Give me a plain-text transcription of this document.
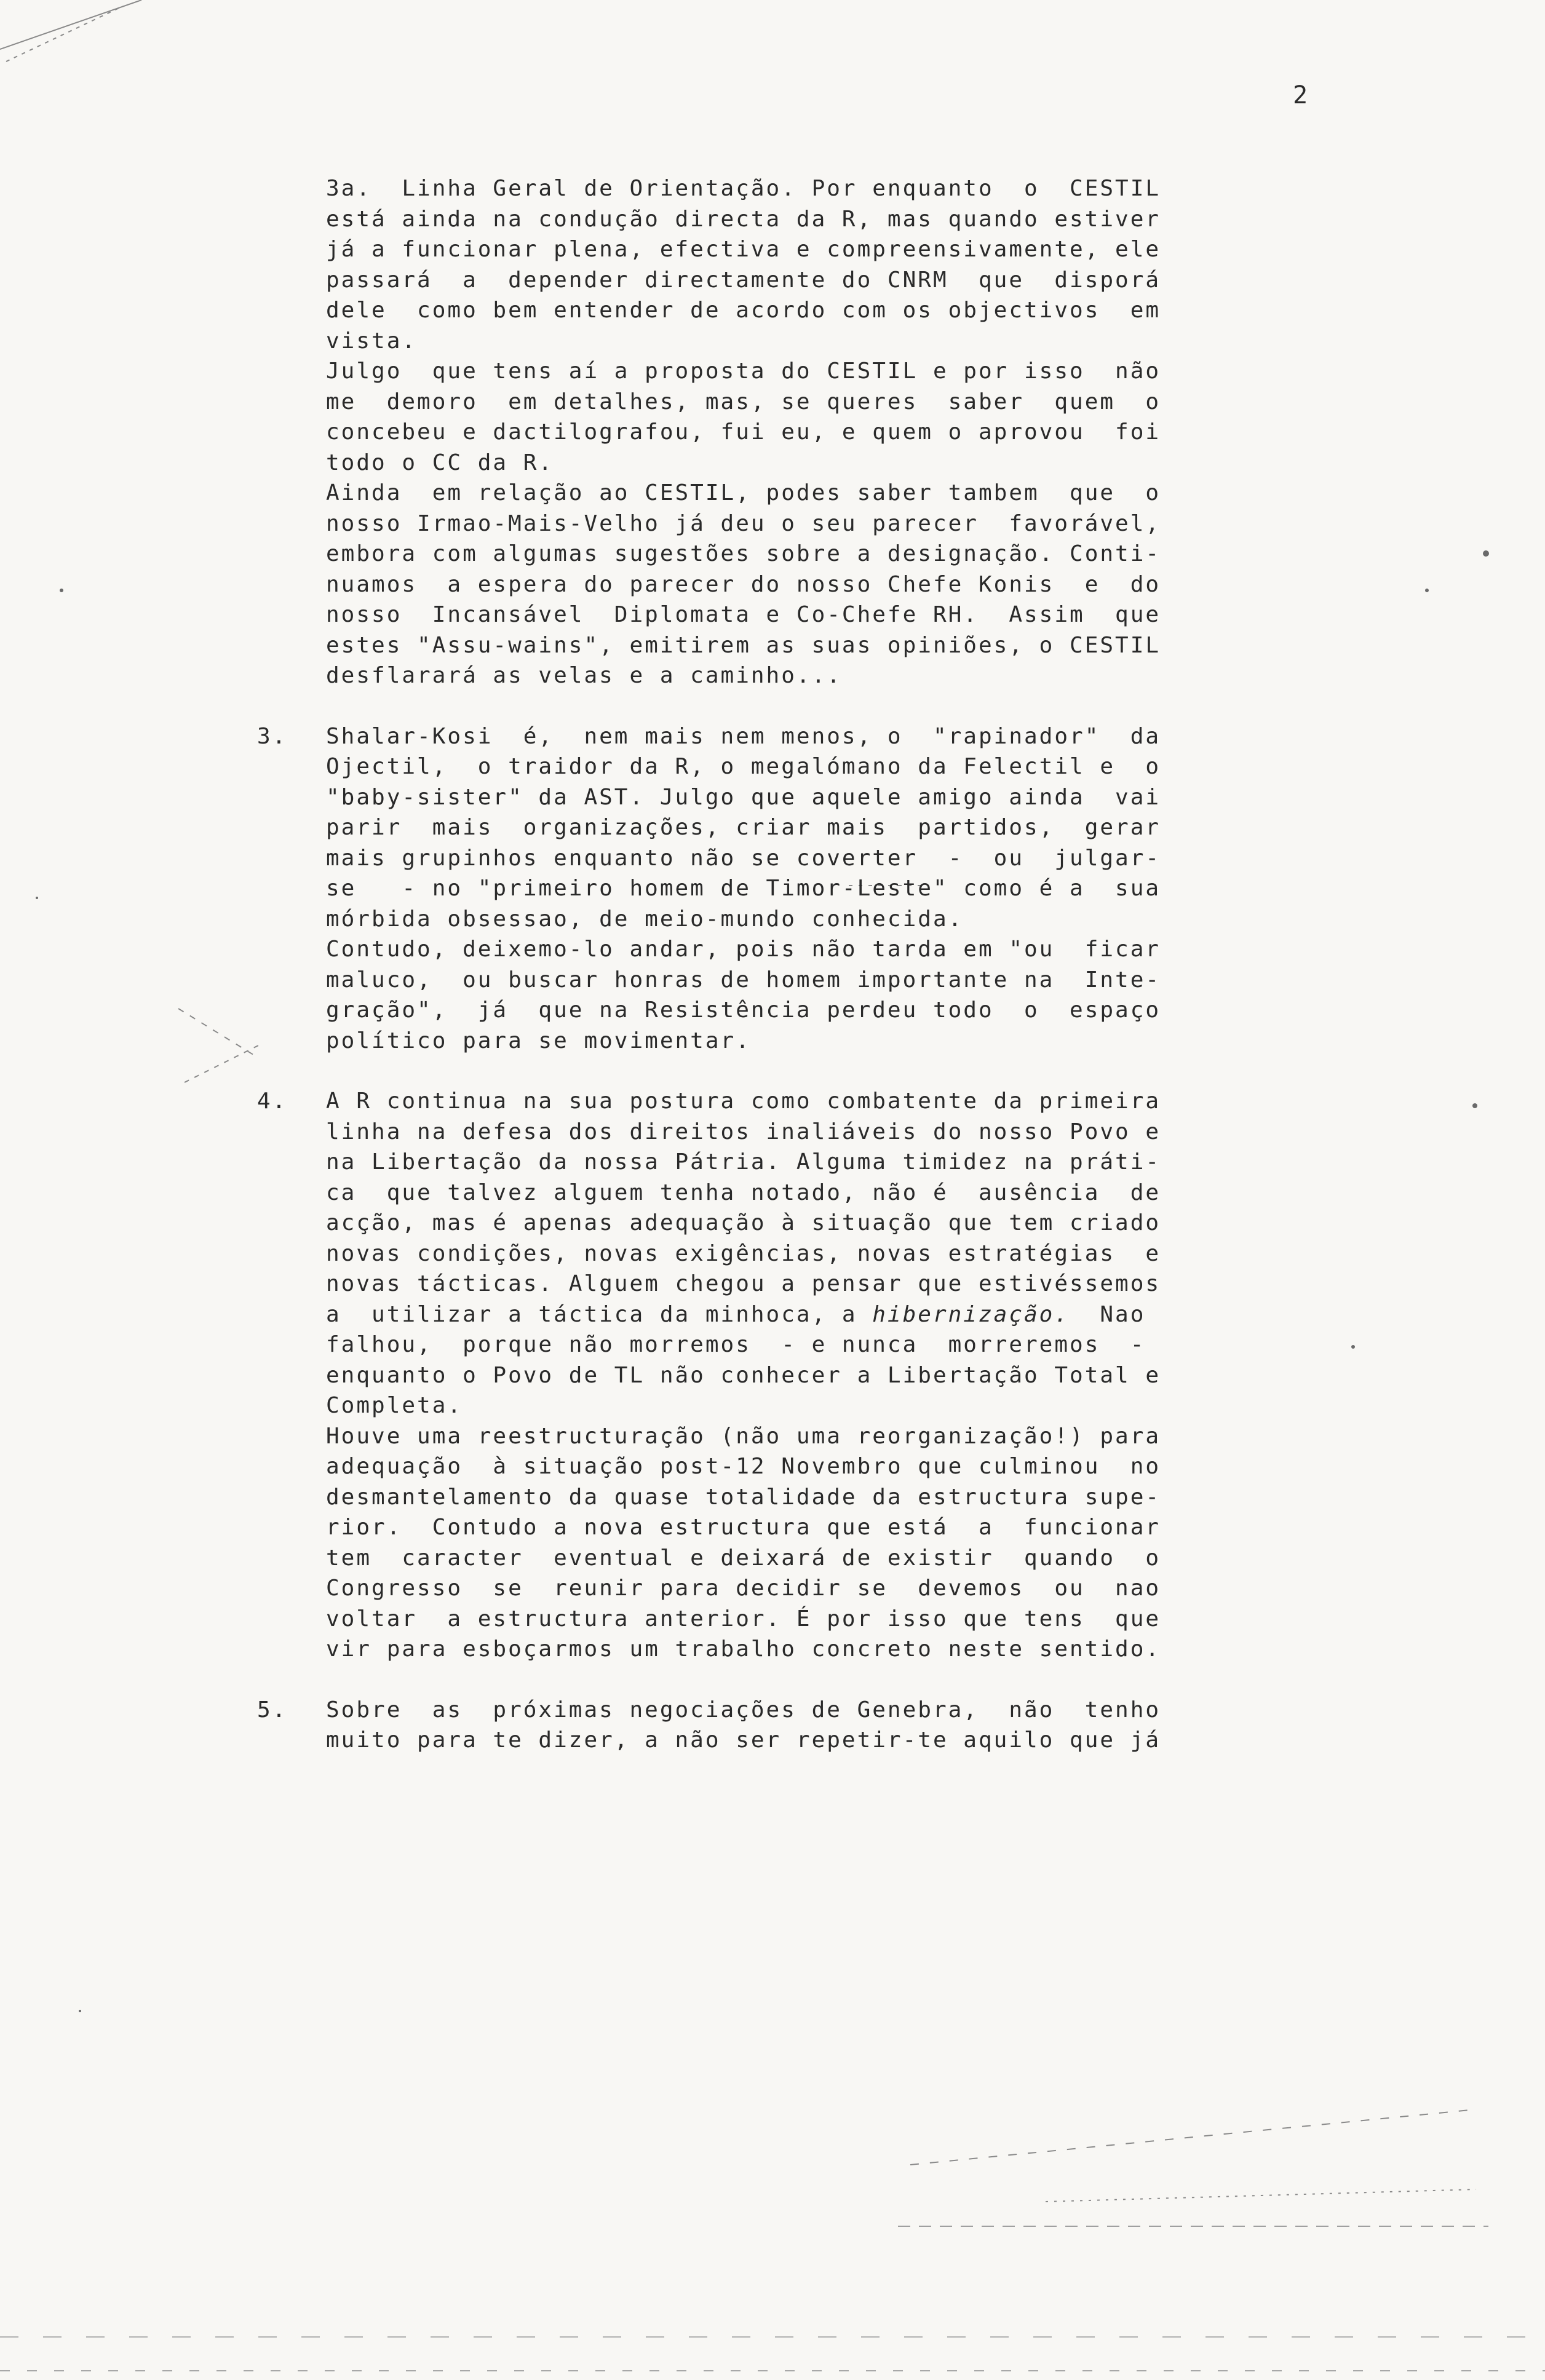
2
3a.  Linha Geral de Orientação. Por enquanto  o  CESTIL
está ainda na condução directa da R, mas quando estiver
já a funcionar plena, efectiva e compreensivamente, ele
passará  a  depender directamente do CNRM  que  disporá
dele  como bem entender de acordo com os objectivos  em
vista.
Julgo  que tens aí a proposta do CESTIL e por isso  não
me  demoro  em detalhes, mas, se queres  saber  quem  o
concebeu e dactilografou, fui eu, e quem o aprovou  foi
todo o CC da R.
Ainda  em relação ao CESTIL, podes saber tambem  que  o
nosso Irmao-Mais-Velho já deu o seu parecer  favorável,
embora com algumas sugestões sobre a designação. Conti-
nuamos  a espera do parecer do nosso Chefe Konis  e  do
nosso  Incansável  Diplomata e Co-Chefe RH.  Assim  que
estes "Assu-wains", emitirem as suas opiniões, o CESTIL
desflarará as velas e a caminho...
3. Shalar-Kosi  é,  nem mais nem menos, o  "rapinador"  da
Ojectil,  o traidor da R, o megalómano da Felectil e  o
"baby-sister" da AST. Julgo que aquele amigo ainda  vai
parir  mais  organizações, criar mais  partidos,  gerar
mais grupinhos enquanto não se coverter  -  ou  julgar-
se   - no "primeiro homem de Timor-Leste" como é a  sua
mórbida obsessao, de meio-mundo conhecida.
Contudo, deixemo-lo andar, pois não tarda em "ou  ficar
maluco,  ou buscar honras de homem importante na  Inte-
gração",  já  que na Resistência perdeu todo  o  espaço
político para se movimentar.
4. A R continua na sua postura como combatente da primeira
linha na defesa dos direitos inaliáveis do nosso Povo e
na Libertação da nossa Pátria. Alguma timidez na práti-
ca  que talvez alguem tenha notado, não é  ausência  de
acção, mas é apenas adequação à situação que tem criado
novas condições, novas exigências, novas estratégias  e
novas tácticas. Alguem chegou a pensar que estivéssemos
a  utilizar a táctica da minhoca, a hibernização.  Nao
falhou,  porque não morremos  - e nunca  morreremos  -
enquanto o Povo de TL não conhecer a Libertação Total e
Completa.
Houve uma reestructuração (não uma reorganização!) para
adequação  à situação post-12 Novembro que culminou  no
desmantelamento da quase totalidade da estructura supe-
rior.  Contudo a nova estructura que está  a  funcionar
tem  caracter  eventual e deixará de existir  quando  o
Congresso  se  reunir para decidir se  devemos  ou  nao
voltar  a estructura anterior. É por isso que tens  que
vir para esboçarmos um trabalho concreto neste sentido.
5. Sobre  as  próximas negociações de Genebra,  não  tenho
muito para te dizer, a não ser repetir-te aquilo que já
